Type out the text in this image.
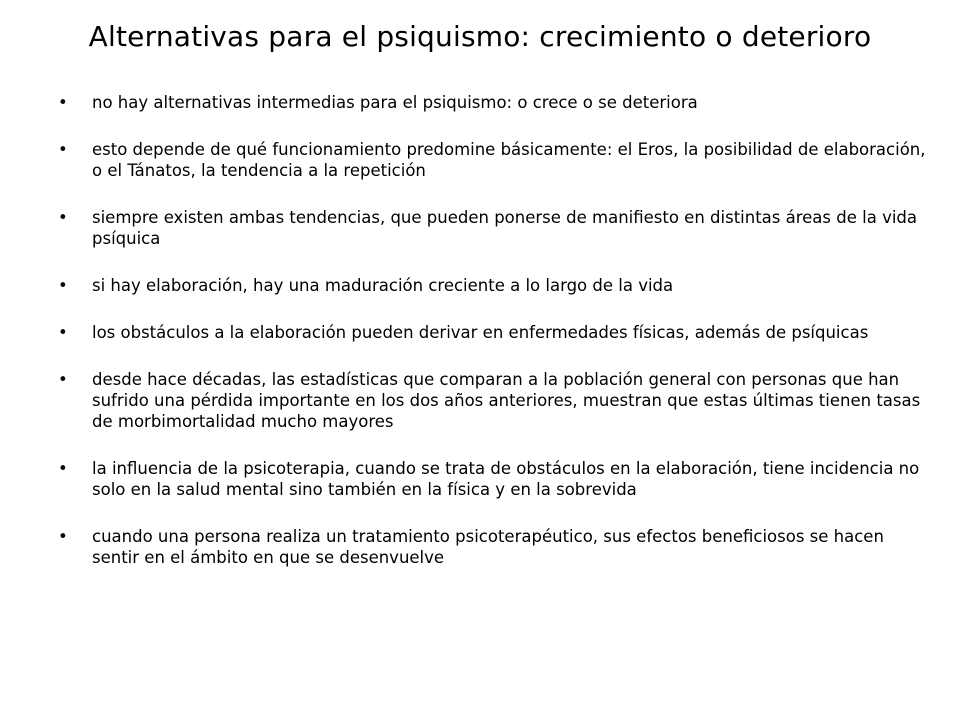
Alternativas para el psiquismo: crecimiento o deterioro
• no hay alternativas intermedias para el psiquismo: o crece o se deteriora
• esto depende de qué funcionamiento predomine básicamente: el Eros, la posibilidad de elaboración, o el Tánatos, la tendencia a la repetición
• siempre existen ambas tendencias, que pueden ponerse de manifiesto en distintas áreas de la vida psíquica
• si hay elaboración, hay una maduración creciente a lo largo de la vida
• los obstáculos a la elaboración pueden derivar en enfermedades físicas, además de psíquicas
• desde hace décadas, las estadísticas que comparan a la población general con personas que han sufrido una pérdida importante en los dos años anteriores, muestran que estas últimas tienen tasas de morbimortalidad mucho mayores
• la influencia de la psicoterapia, cuando se trata de obstáculos en la elaboración, tiene incidencia no solo en la salud mental sino también en la física y en la sobrevida
• cuando una persona realiza un tratamiento psicoterapéutico, sus efectos beneficiosos se hacen sentir en el ámbito en que se desenvuelve
